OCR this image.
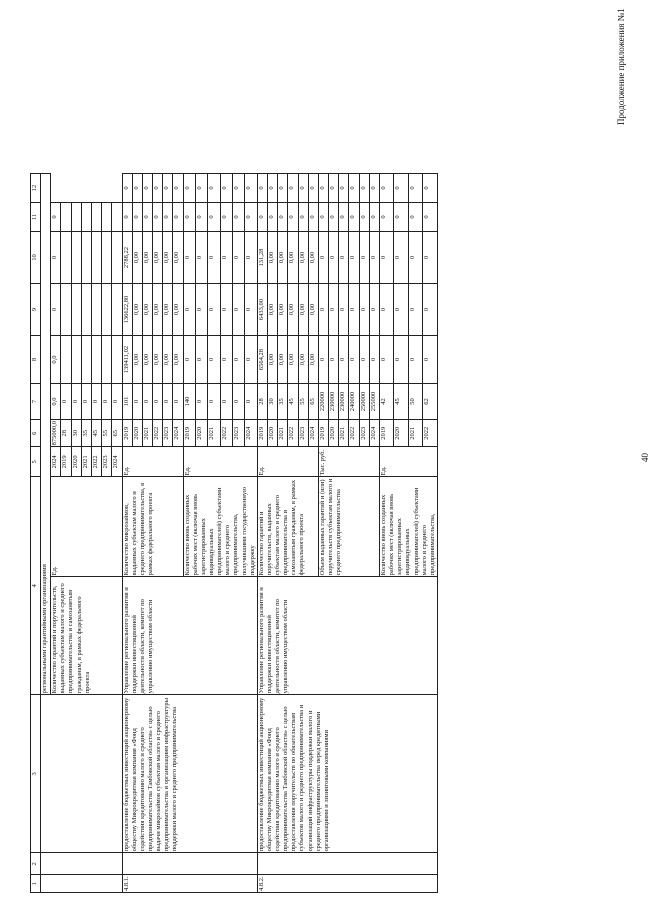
40
Продолжение приложения №1
1	2	3	4		5	6	7	8	9	10	11	12
			региональными гарантийными организациями									
			Количество гарантий и поручительств, выданных субъектам малого и среднего предпринимательства и самозанятым гражданам, в рамках федерального проекта	Ед.	2024	875000,0	0,0	0,0	0	0	0	
					2019	28	0					
					2020	30	0					
					2021	35	0					
					2022	45	0					
					2023	55	0					
					2024	65	0					
4.8.1.		предоставление бюджетных инвестиций акционерному обществу Микрокредитная компания «Фонд содействия кредитованию малого и среднего предпринимательства Тамбовской области» с целью выдачи микрозаймов субъектам малого и среднего предпринимательства и организациям инфраструктуры поддержки малого и среднего предпринимательства	Управление регионального развития и поддержки инвестиционной деятельности области, комитет по управлению имуществом области	Количество микрозаймов, выданных субъектам малого и среднего предпринимательства, в рамках федерального проекта	Ед.	2019	101	139411,02	136622,80	2788,22	0	0
						2020	0	0,00	0,00	0,00	0	0
						2021	0	0,00	0,00	0,00	0	0
						2022	0	0,00	0,00	0,00	0	0
						2023	0	0,00	0,00	0,00	0	0
						2024	0	0,00	0,00	0,00	0	0
				Количество вновь созданных рабочих мест (включая вновь зарегистрированных индивидуальных предпринимателей) субъектами малого и среднего предпринимательства, получившими государственную поддержку	Ед.	2019	140	0	0	0	0	0
						2020	0	0	0	0	0	0
						2021	0	0	0	0	0	0
						2022	0	0	0	0	0	0
						2023	0	0	0	0	0	0
						2024	0	0	0	0	0	0
4.8.2.		предоставление бюджетных инвестиций акционерному обществу Микрокредитная компания «Фонд содействия кредитованию малого и среднего предпринимательства Тамбовской области» с целью предоставления поручительств по обязательствам субъектов малого и среднего предпринимательства и организаций инфраструктуры поддержки малого и среднего предпринимательства перед кредитными организациями и лизинговыми компаниями	Управление регионального развития и поддержки инвестиционной деятельности области, комитет по управлению имуществом области	Количество гарантий и поручительств, выданных субъектам малого и среднего предпринимательства и самозанятым гражданам, в рамках федерального проекта	Ед.	2019	28	6564,28	6433,00	131,28	0	0
						2020	30	0,00	0,00	0,00	0	0
						2021	35	0,00	0,00	0,00	0	0
						2022	45	0,00	0,00	0,00	0	0
						2023	55	0,00	0,00	0,00	0	0
						2024	65	0,00	0,00	0,00	0	0
				Объем выданных гарантий и (или) поручительств субъектам малого и среднего предпринимательства	Тыс. руб.	2019	220000	0	0	0	0	0
						2020	230000	0	0	0	0	0
						2021	230000	0	0	0	0	0
						2022	240000	0	0	0	0	0
						2023	250000	0	0	0	0	0
						2024	255000	0	0	0	0	0
				Количество вновь созданных рабочих мест (включая вновь зарегистрированных индивидуальных предпринимателей) субъектами малого и среднего предпринимательства,	Ед.	2019	42	0	0	0	0	0
						2020	45	0	0	0	0	0
						2021	50	0	0	0	0	0
						2022	62	0	0	0	0	0
